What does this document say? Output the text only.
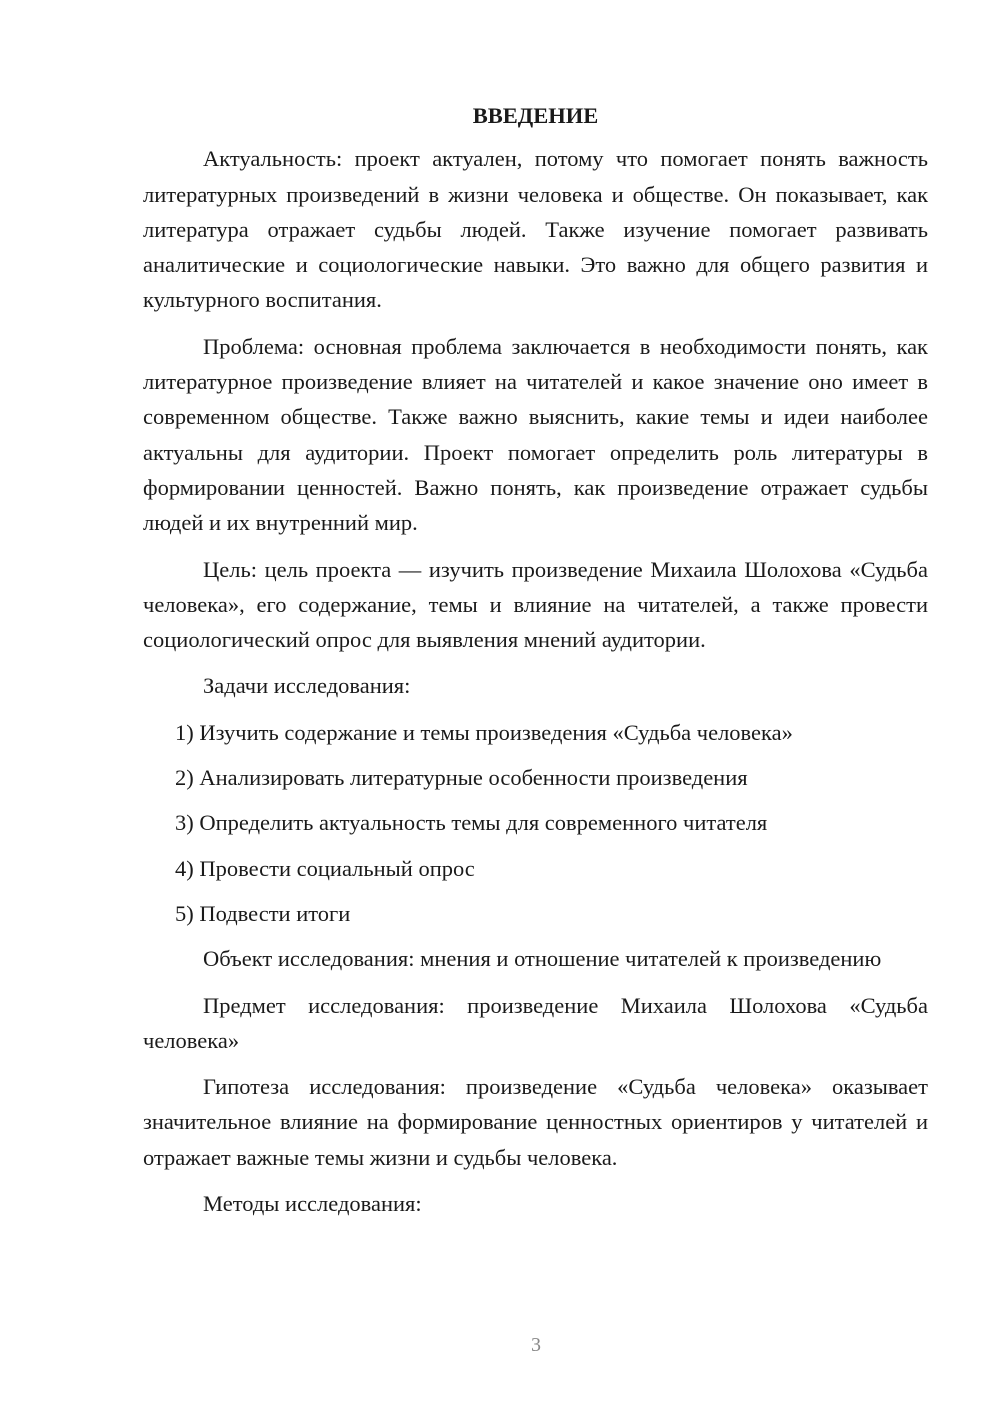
ВВЕДЕНИЕ

Актуальность: проект актуален, потому что помогает понять важность литературных произведений в жизни человека и обществе. Он показывает, как литература отражает судьбы людей. Также изучение помогает развивать аналитические и социологические навыки. Это важно для общего развития и культурного воспитания.

Проблема: основная проблема заключается в необходимости понять, как литературное произведение влияет на читателей и какое значение оно имеет в современном обществе. Также важно выяснить, какие темы и идеи наиболее актуальны для аудитории. Проект помогает определить роль литературы в формировании ценностей. Важно понять, как произведение отражает судьбы людей и их внутренний мир.

Цель: цель проекта — изучить произведение Михаила Шолохова «Судьба человека», его содержание, темы и влияние на читателей, а также провести социологический опрос для выявления мнений аудитории.

Задачи исследования:

1) Изучить содержание и темы произведения «Судьба человека»
2) Анализировать литературные особенности произведения
3) Определить актуальность темы для современного читателя
4) Провести социальный опрос
5) Подвести итоги

Объект исследования: мнения и отношение читателей к произведению

Предмет исследования: произведение Михаила Шолохова «Судьба человека»

Гипотеза исследования: произведение «Судьба человека» оказывает значительное влияние на формирование ценностных ориентиров у читателей и отражает важные темы жизни и судьбы человека.

Методы исследования:

3
